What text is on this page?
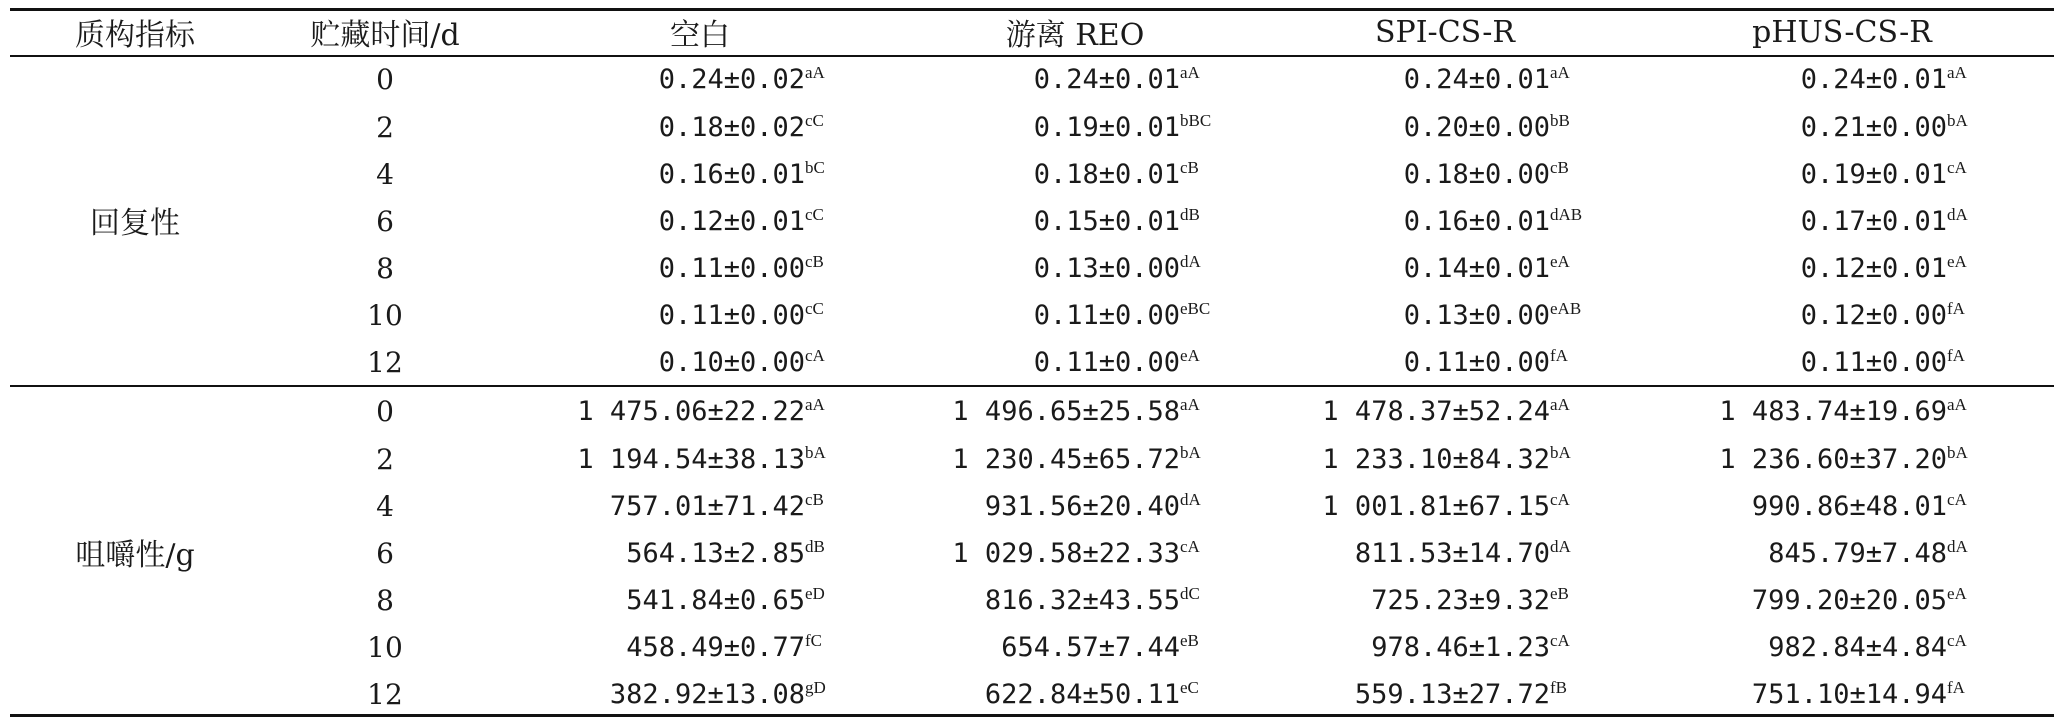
质构指标	贮藏时间/d	空白	游离 REO	SPI-CS-R	pHUS-CS-R
回复性	0	$0.24\pm 0.02^{aA}$	$0.24\pm 0.01^{aA}$	$0.24\pm 0.01^{aA}$	$0.24\pm 0.01^{aA}$
	2	$0.18\pm 0.02^{cC}$	$0.19\pm 0.01^{bBC}$	$0.20\pm 0.00^{bB}$	$0.21\pm 0.00^{bA}$
	4	$0.16\pm 0.01^{bC}$	$0.18\pm 0.01^{cB}$	$0.18\pm 0.00^{cB}$	$0.19\pm 0.01^{cA}$
	6	$0.12\pm 0.01^{cC}$	$0.15\pm 0.01^{dB}$	$0.16\pm 0.01^{dAB}$	$0.17\pm 0.01^{dA}$
	8	$0.11\pm 0.00^{cB}$	$0.13\pm 0.00^{dA}$	$0.14\pm 0.01^{eA}$	$0.12\pm 0.01^{eA}$
	10	$0.11\pm 0.00^{cC}$	$0.11\pm 0.00^{eBC}$	$0.13\pm 0.00^{eAB}$	$0.12\pm 0.00^{fA}$
	12	$0.10\pm 0.00^{cA}$	$0.11\pm 0.00^{eA}$	$0.11\pm 0.00^{fA}$	$0.11\pm 0.00^{fA}$
咀嚼性/g	0	1 $475.06\pm 22.22^{aA}$	1 $496.65\pm 25.58^{aA}$	1 $478.37\pm 52.24^{aA}$	1 $483.74\pm 19.69^{aA}$
	2	1 $194.54\pm 38.13^{bA}$	1 $230.45\pm 65.72^{bA}$	1 $233.10\pm 84.32^{bA}$	1 $236.60\pm 37.20^{bA}$
	4	$757.01\pm 71.42^{cB}$	$931.56\pm 20.40^{dA}$	1 $001.81\pm 67.15^{cA}$	$990.86\pm 48.01^{cA}$
	6	$564.13\pm 2.85^{dB}$	1 $029.58\pm 22.33^{cA}$	$811.53\pm 14.70^{dA}$	$845.79\pm 7.48^{dA}$
	8	$541.84\pm 0.65^{eD}$	$816.32\pm 43.55^{dC}$	$725.23\pm 9.32^{eB}$	$799.20\pm 20.05^{eA}$
	10	$458.49\pm 0.77^{fC}$	$654.57\pm 7.44^{eB}$	$978.46\pm 1.23^{cA}$	$982.84\pm 4.84^{cA}$
	12	$382.92\pm 13.08^{gD}$	$622.84\pm 50.11^{eC}$	$559.13\pm 27.72^{fB}$	$751.10\pm 14.94^{fA}$
